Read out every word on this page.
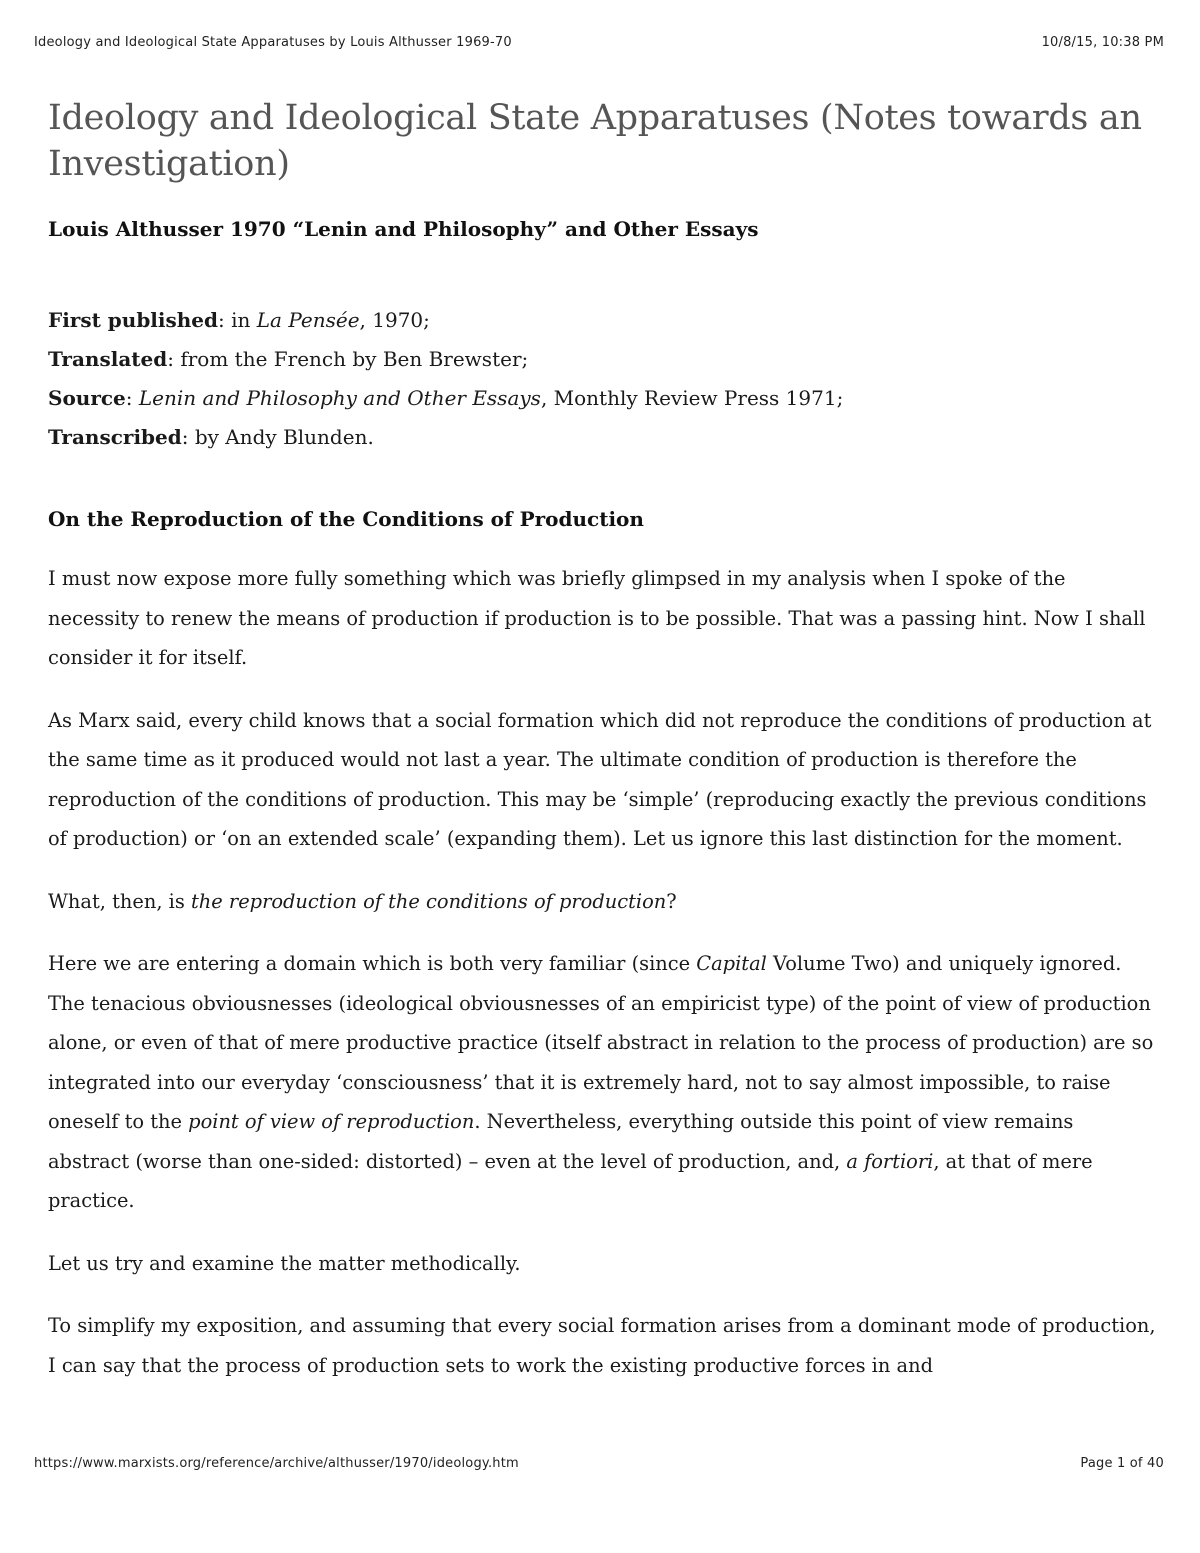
Ideology and Ideological State Apparatuses by Louis Althusser 1969-70	10/8/15, 10:38 PM
Ideology and Ideological State Apparatuses (Notes towards an Investigation)
Louis Althusser 1970 “Lenin and Philosophy” and Other Essays
First published: in La Pensée, 1970;
Translated: from the French by Ben Brewster;
Source: Lenin and Philosophy and Other Essays, Monthly Review Press 1971;
Transcribed: by Andy Blunden.
On the Reproduction of the Conditions of Production

I must now expose more fully something which was briefly glimpsed in my analysis when I spoke of the necessity to renew the means of production if production is to be possible. That was a passing hint. Now I shall consider it for itself.

As Marx said, every child knows that a social formation which did not reproduce the conditions of production at the same time as it produced would not last a year. The ultimate condition of production is therefore the reproduction of the conditions of production. This may be ‘simple’ (reproducing exactly the previous conditions of production) or ‘on an extended scale’ (expanding them). Let us ignore this last distinction for the moment.

What, then, is the reproduction of the conditions of production?

Here we are entering a domain which is both very familiar (since Capital Volume Two) and uniquely ignored. The tenacious obviousnesses (ideological obviousnesses of an empiricist type) of the point of view of production alone, or even of that of mere productive practice (itself abstract in relation to the process of production) are so integrated into our everyday ‘consciousness’ that it is extremely hard, not to say almost impossible, to raise oneself to the point of view of reproduction. Nevertheless, everything outside this point of view remains abstract (worse than one-sided: distorted) – even at the level of production, and, a fortiori, at that of mere practice.

Let us try and examine the matter methodically.

To simplify my exposition, and assuming that every social formation arises from a dominant mode of production, I can say that the process of production sets to work the existing productive forces in and

https://www.marxists.org/reference/archive/althusser/1970/ideology.htm	Page 1 of 40
